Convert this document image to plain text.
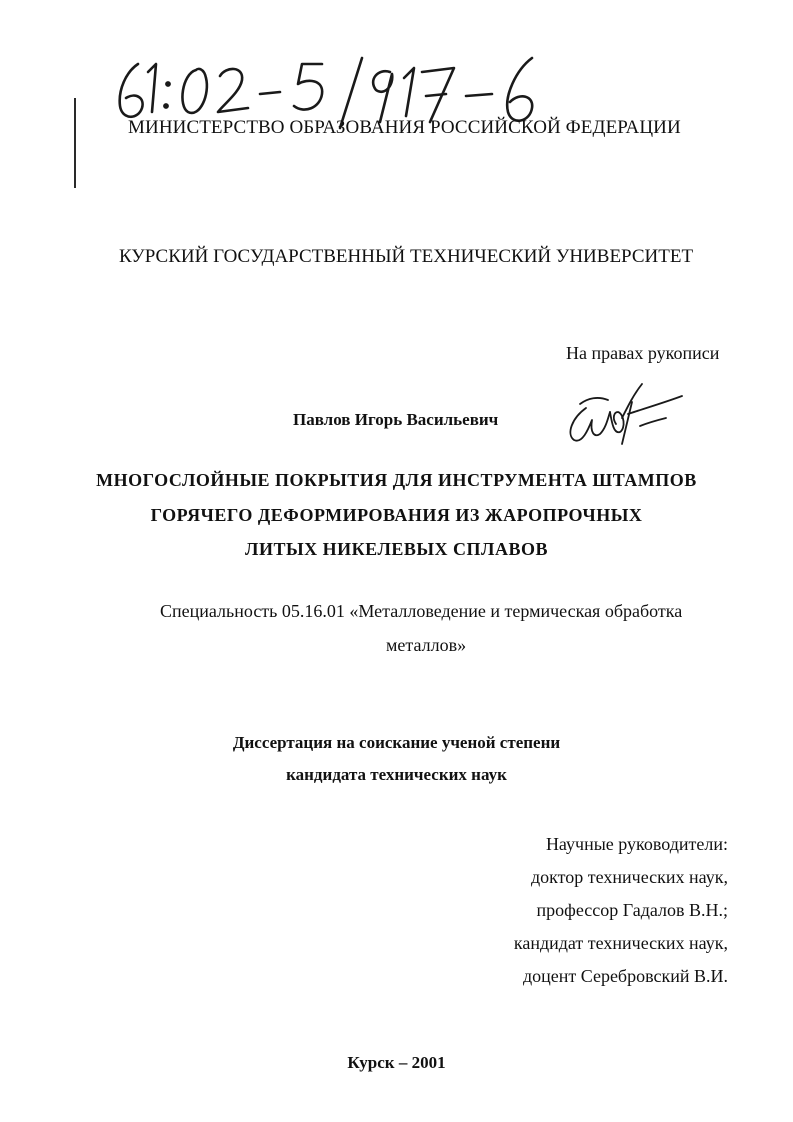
МИНИСТЕРСТВО ОБРАЗОВАНИЯ РОССИЙСКОЙ ФЕДЕРАЦИИ
КУРСКИЙ ГОСУДАРСТВЕННЫЙ ТЕХНИЧЕСКИЙ УНИВЕРСИТЕТ
На правах рукописи
Павлов Игорь Васильевич
МНОГОСЛОЙНЫЕ ПОКРЫТИЯ ДЛЯ ИНСТРУМЕНТА ШТАМПОВ
ГОРЯЧЕГО ДЕФОРМИРОВАНИЯ ИЗ ЖАРОПРОЧНЫХ
ЛИТЫХ НИКЕЛЕВЫХ СПЛАВОВ
Специальность 05.16.01 «Металловедение и термическая обработка
металлов»
Диссертация на соискание ученой степени
кандидата технических наук
Научные руководители:
доктор технических наук,
профессор Гадалов В.Н.;
кандидат технических наук,
доцент Серебровский В.И.
Курск – 2001
